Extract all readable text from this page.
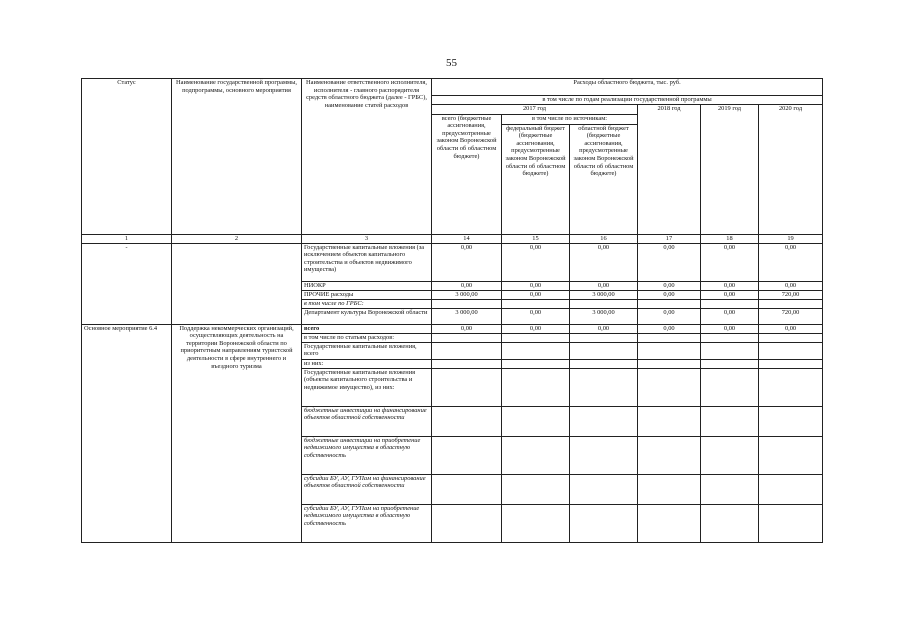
55
Статус	Наименование государственной программы, подпрограммы, основного мероприятия	Наименование ответственного исполнителя, исполнителя - главного распорядителя средств областного бюджета (далее - ГРБС), наименование статей расходов	Расходы областного бюджета, тыс. руб.					
			в том числе по годам реализации государственной программы					
			2017 год			2018 год	2019 год	2020 год
			всего (бюджетные ассигнования, предусмотренные законом Воронежской области об областном бюджете)	в том числе по источникам:				
				федеральный бюджет (бюджетные ассигнования, предусмотренные законом Воронежской области об областном бюджете)	областной бюджет (бюджетные ассигнования, предусмотренные законом Воронежской области об областном бюджете)			
1	2	3	14	15	16	17	18	19
-		Государственные капитальные вложения (за исключением объектов капитального строительства и объектов недвижимого имущества)	0,00	0,00	0,00	0,00	0,00	0,00
		НИОКР	0,00	0,00	0,00	0,00	0,00	0,00
		ПРОЧИЕ расходы	3 000,00	0,00	3 000,00	0,00	0,00	720,00
		в том числе по ГРБС:						
		Департамент культуры Воронежской области	3 000,00	0,00	3 000,00	0,00	0,00	720,00
Основное мероприятие 6.4	Поддержка некоммерческих организаций, осуществляющих деятельность на территории Воронежской области по приоритетным направлениям туристской деятельности в сфере внутреннего и въездного туризма	всего	0,00	0,00	0,00	0,00	0,00	0,00
		в том числе по статьям расходов:						
		Государственные капитальные вложения, всего						
		из них:						
		Государственные капитальные вложения (объекты капитального строительства и недвижимое имущество), из них:						
		бюджетные инвестиции на финансирование объектов областной собственности						
		бюджетные инвестиции на приобретение недвижимого имущества в областную собственность						
		субсидии БУ, АУ, ГУПам на финансирование объектов областной собственности						
		субсидии БУ, АУ, ГУПам на приобретение недвижимого имущества в областную собственность						
